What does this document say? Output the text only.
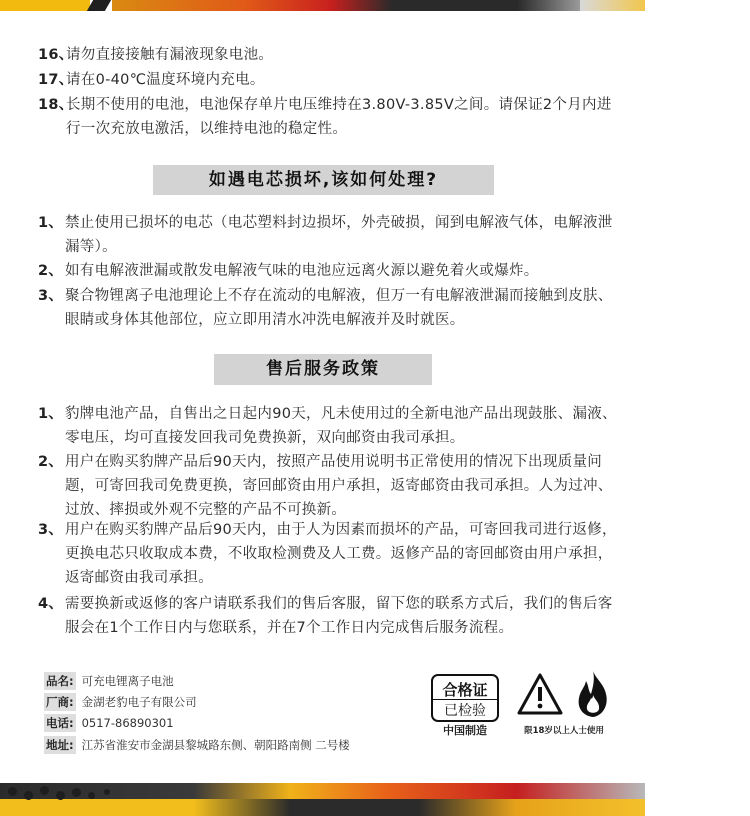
16、
请勿直接接触有漏液现象电池。
17、
请在0-40℃温度环境内充电。
18、
长期不使用的电池，电池保存单片电压维持在3.80V-3.85V之间。请保证2个月内进行一次充放电激活，以维持电池的稳定性。
如遇电芯损坏,该如何处理?
1、 禁止使用已损坏的电芯（电芯塑料封边损坏，外壳破损，闻到电解液气体，电解液泄漏等）。
2、 如有电解液泄漏或散发电解液气味的电池应远离火源以避免着火或爆炸。
3、 聚合物锂离子电池理论上不存在流动的电解液，但万一有电解液泄漏而接触到皮肤、眼睛或身体其他部位，应立即用清水冲洗电解液并及时就医。
售后服务政策
1、 豹牌电池产品，自售出之日起内90天，凡未使用过的全新电池产品出现鼓胀、漏液、零电压，均可直接发回我司免费换新，双向邮资由我司承担。
2、 用户在购买豹牌产品后90天内，按照产品使用说明书正常使用的情况下出现质量问题，可寄回我司免费更换，寄回邮资由用户承担，返寄邮资由我司承担。人为过冲、过放、摔损或外观不完整的产品不可换新。
3、 用户在购买豹牌产品后90天内，由于人为因素而损坏的产品，可寄回我司进行返修，更换电芯只收取成本费，不收取检测费及人工费。返修产品的寄回邮资由用户承担，返寄邮资由我司承担。
4、 需要换新或返修的客户请联系我们的售后客服，留下您的联系方式后，我们的售后客服会在1个工作日内与您联系，并在7个工作日内完成售后服务流程。
品名: 可充电锂离子电池
厂商: 金湖老豹电子有限公司
电话: 0517-86890301
地址: 江苏省淮安市金湖县黎城路东侧、朝阳路南侧 二号楼
合格证
已检验
中国制造	限18岁以上人士使用
